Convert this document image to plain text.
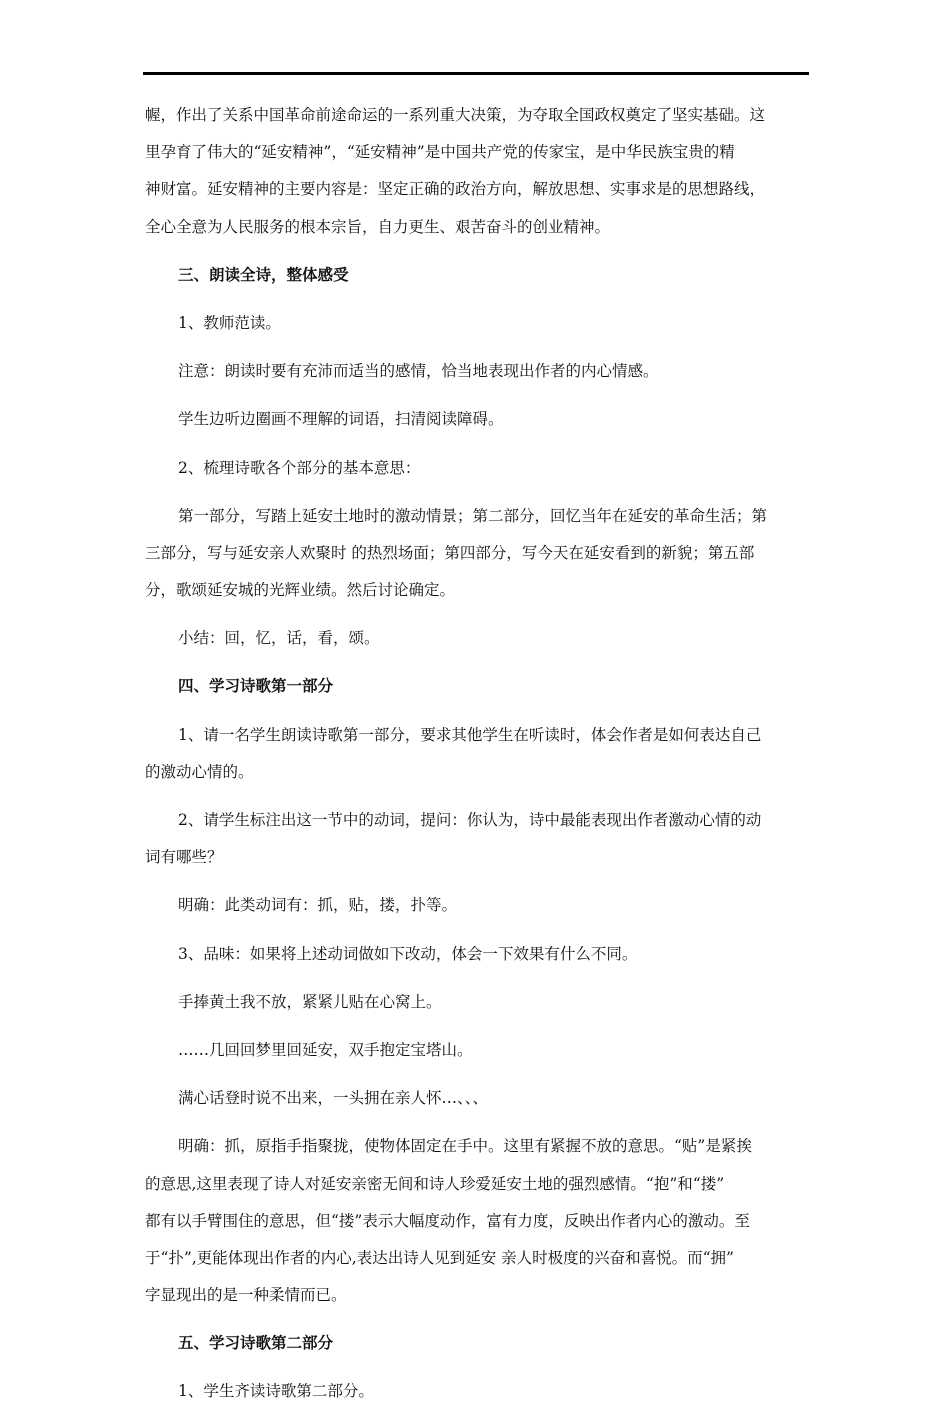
幄，作出了关系中国革命前途命运的一系列重大决策，为夺取全国政权奠定了坚实基础。这
里孕育了伟大的“延安精神”，“延安精神”是中国共产党的传家宝，是中华民族宝贵的精
神财富。延安精神的主要内容是：坚定正确的政治方向，解放思想、实事求是的思想路线，
全心全意为人民服务的根本宗旨，自力更生、艰苦奋斗的创业精神。
三、朗读全诗，整体感受
1、教师范读。
注意：朗读时要有充沛而适当的感情，恰当地表现出作者的内心情感。
学生边听边圈画不理解的词语，扫清阅读障碍。
2、梳理诗歌各个部分的基本意思：
第一部分，写踏上延安土地时的激动情景；第二部分，回忆当年在延安的革命生活；第
三部分，写与延安亲人欢聚时 的热烈场面；第四部分，写今天在延安看到的新貌；第五部
分，歌颂延安城的光辉业绩。然后讨论确定。
小结：回，忆，话，看，颂。
四、学习诗歌第一部分
1、请一名学生朗读诗歌第一部分，要求其他学生在听读时，体会作者是如何表达自己
的激动心情的。
2、请学生标注出这一节中的动词，提问：你认为，诗中最能表现出作者激动心情的动
词有哪些？
明确：此类动词有：抓，贴，搂，扑等。
3、品味：如果将上述动词做如下改动，体会一下效果有什么不同。
手捧黄土我不放，紧紧儿贴在心窝上。
……几回回梦里回延安，双手抱定宝塔山。
满心话登时说不出来，一头拥在亲人怀…、、、
明确：抓，原指手指聚拢，使物体固定在手中。这里有紧握不放的意思。“贴”是紧挨
的意思,这里表现了诗人对延安亲密无间和诗人珍爱延安土地的强烈感情。“抱”和“搂”
都有以手臂围住的意思，但“搂”表示大幅度动作，富有力度，反映出作者内心的激动。至
于“扑”,更能体现出作者的内心,表达出诗人见到延安 亲人时极度的兴奋和喜悦。而“拥”
字显现出的是一种柔情而已。
五、学习诗歌第二部分
1、学生齐读诗歌第二部分。
